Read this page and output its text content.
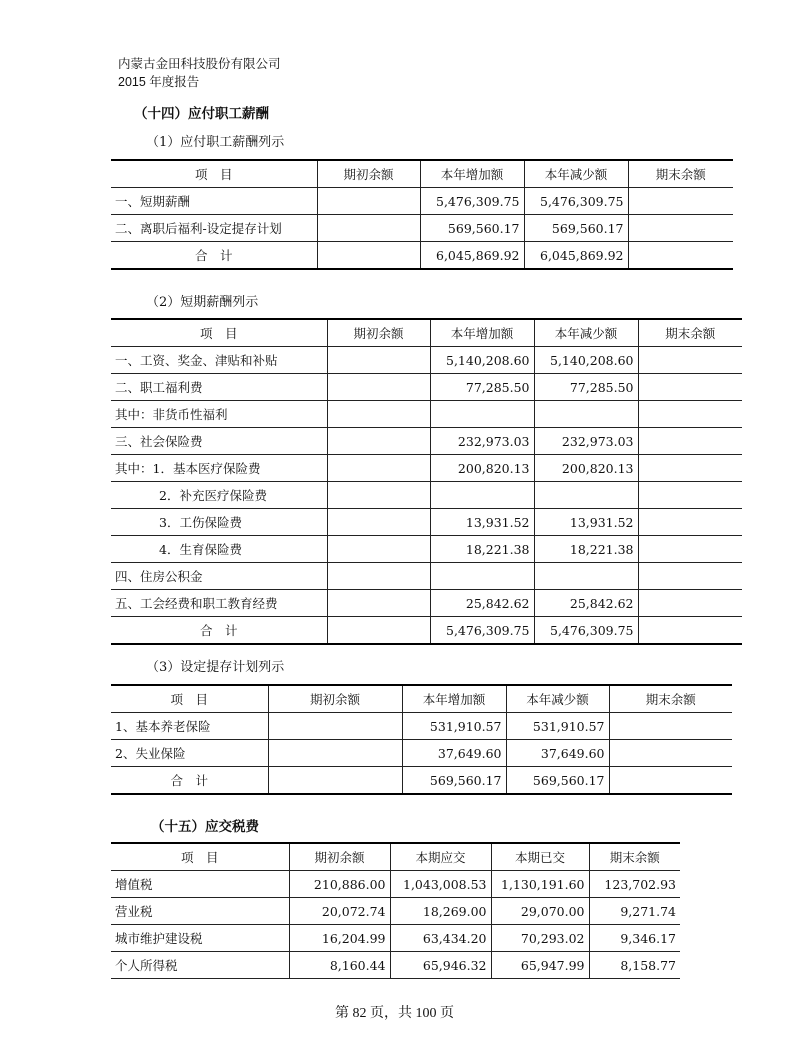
内蒙古金田科技股份有限公司
2015 年度报告
（十四）应付职工薪酬
（1）应付职工薪酬列示
项　目	期初余额	本年增加额	本年减少额	期末余额
一、短期薪酬		5,476,309.75	5,476,309.75	
二、离职后福利-设定提存计划		569,560.17	569,560.17	
合　计		6,045,869.92	6,045,869.92	
（2）短期薪酬列示
项　目	期初余额	本年增加额	本年减少额	期末余额
一、工资、奖金、津贴和补贴		5,140,208.60	5,140,208.60	
二、职工福利费		77,285.50	77,285.50	
其中：非货币性福利				
三、社会保险费		232,973.03	232,973.03	
其中：1．基本医疗保险费		200,820.13	200,820.13	
2．补充医疗保险费				
3．工伤保险费		13,931.52	13,931.52	
4．生育保险费		18,221.38	18,221.38	
四、住房公积金				
五、工会经费和职工教育经费		25,842.62	25,842.62	
合　计		5,476,309.75	5,476,309.75	
（3）设定提存计划列示
项　目	期初余额	本年增加额	本年减少额	期末余额
1、基本养老保险		531,910.57	531,910.57	
2、失业保险		37,649.60	37,649.60	
合　计		569,560.17	569,560.17	
（十五）应交税费
项　目	期初余额	本期应交	本期已交	期末余额
增值税	210,886.00	1,043,008.53	1,130,191.60	123,702.93
营业税	20,072.74	18,269.00	29,070.00	9,271.74
城市维护建设税	16,204.99	63,434.20	70,293.02	9,346.17
个人所得税	8,160.44	65,946.32	65,947.99	8,158.77
第 82 页，共 100 页
